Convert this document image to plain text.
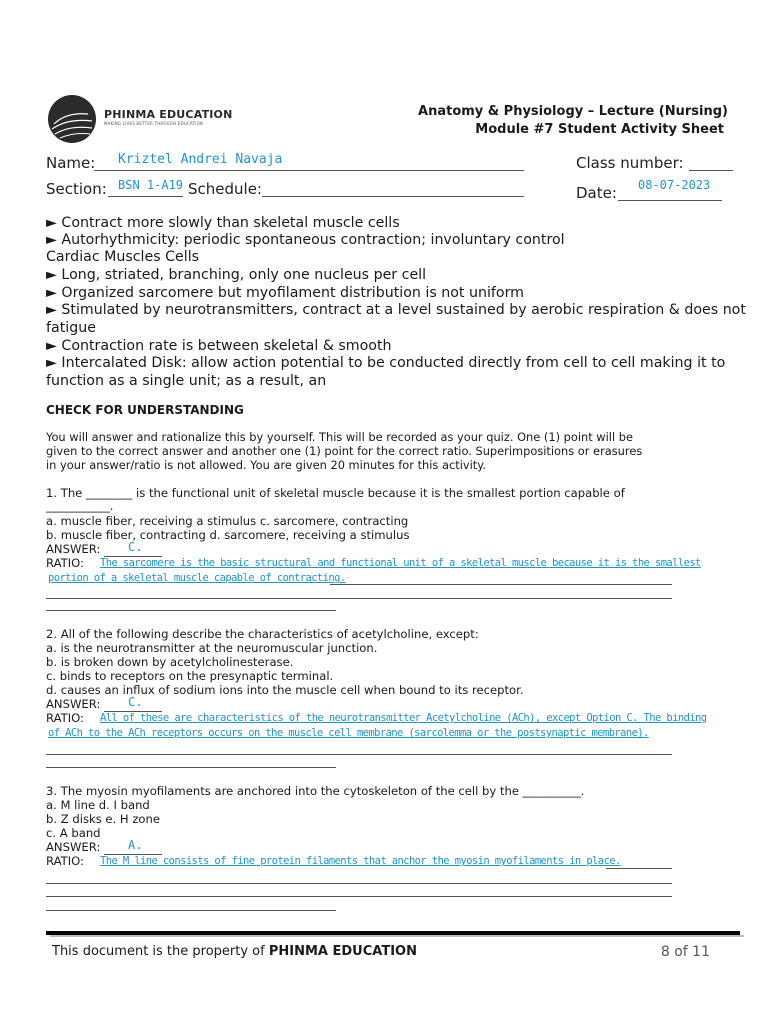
PHINMA EDUCATION
MAKING LIVES BETTER THROUGH EDUCATION
Anatomy & Physiology – Lecture (Nursing)
Module #7 Student Activity Sheet
Name: Kriztel Andrei Navaja	Class number:
Section: BSN 1-A19 Schedule:	Date: 08-07-2023
► Contract more slowly than skeletal muscle cells
► Autorhythmicity: periodic spontaneous contraction; involuntary control
Cardiac Muscles Cells
► Long, striated, branching, only one nucleus per cell
► Organized sarcomere but myofilament distribution is not uniform
► Stimulated by neurotransmitters, contract at a level sustained by aerobic respiration & does not
fatigue
► Contraction rate is between skeletal & smooth
► Intercalated Disk: allow action potential to be conducted directly from cell to cell making it to
function as a single unit; as a result, an
CHECK FOR UNDERSTANDING
You will answer and rationalize this by yourself. This will be recorded as your quiz. One (1) point will be
given to the correct answer and another one (1) point for the correct ratio. Superimpositions or erasures
in your answer/ratio is not allowed. You are given 20 minutes for this activity.
1. The ________ is the functional unit of skeletal muscle because it is the smallest portion capable of
___________.
a. muscle fiber, receiving a stimulus c. sarcomere, contracting
b. muscle fiber, contracting d. sarcomere, receiving a stimulus
ANSWER: C.
RATIO: The sarcomere is the basic structural and functional unit of a skeletal muscle because it is the smallest
portion of a skeletal muscle capable of contracting.
2. All of the following describe the characteristics of acetylcholine, except:
a. is the neurotransmitter at the neuromuscular junction.
b. is broken down by acetylcholinesterase.
c. binds to receptors on the presynaptic terminal.
d. causes an influx of sodium ions into the muscle cell when bound to its receptor.
ANSWER: C.
RATIO: All of these are characteristics of the neurotransmitter Acetylcholine (ACh), except Option C. The binding
of ACh to the ACh receptors occurs on the muscle cell membrane (sarcolemma or the postsynaptic membrane).
3. The myosin myofilaments are anchored into the cytoskeleton of the cell by the __________.
a. M line d. I band
b. Z disks e. H zone
c. A band
ANSWER: A.
RATIO: The M line consists of fine protein filaments that anchor the myosin myofilaments in place.
This document is the property of PHINMA EDUCATION	8 of 11
